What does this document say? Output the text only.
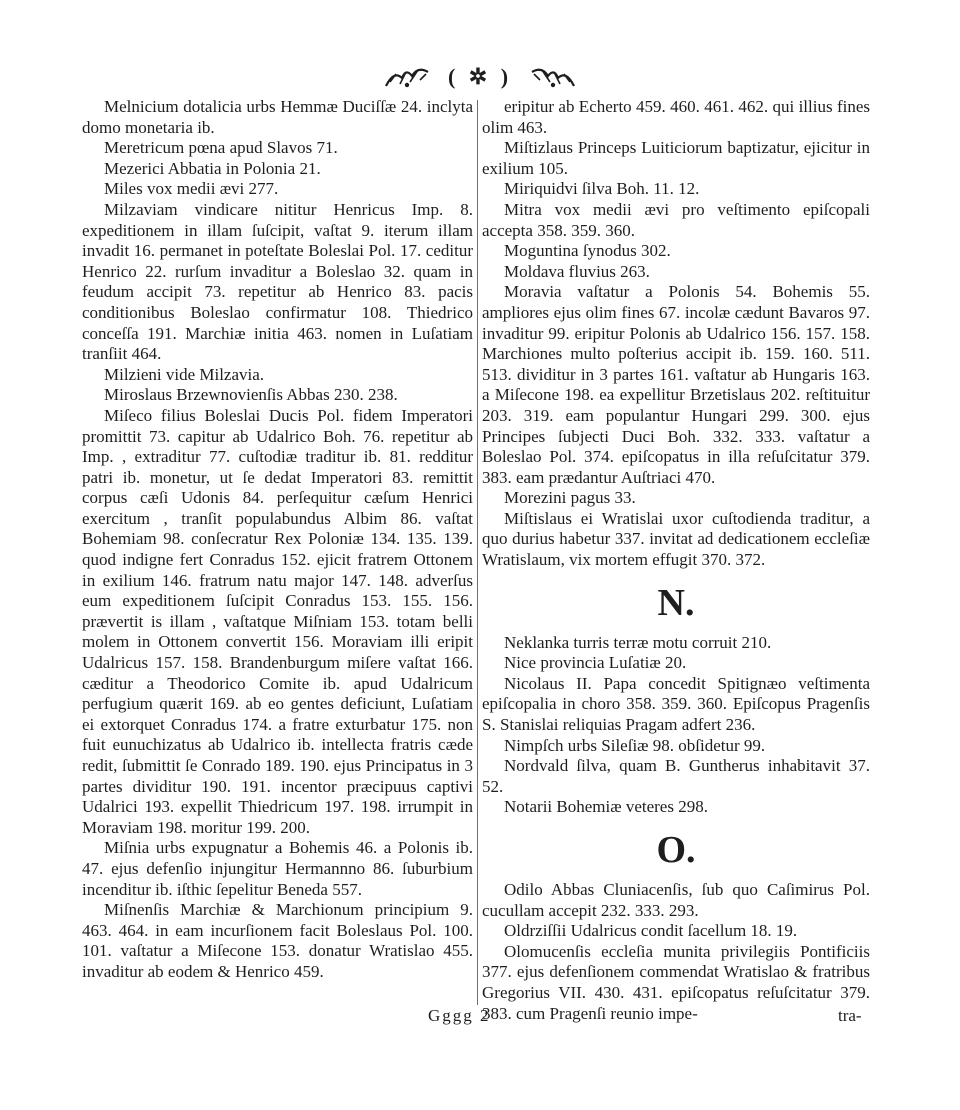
( ✲ )

Melnicium dotalicia urbs Hemmæ Duciſſæ 24. inclyta domo monetaria ib.

Meretricum pœna apud Slavos 71.

Mezerici Abbatia in Polonia 21.

Miles vox medii ævi 277.

Milzaviam vindicare nititur Henricus Imp. 8. expeditionem in illam ſuſcipit, vaſtat 9. iterum illam invadit 16. permanet in poteſtate Boleslai Pol. 17. ceditur Henrico 22. rurſum invaditur a Boleslao 32. quam in feudum accipit 73. repetitur ab Henrico 83. pacis conditionibus Boleslao confirmatur 108. Thiedrico conceſſa 191. Marchiæ initia 463. nomen in Luſatiam tranſiit 464.

Milzieni vide Milzavia.

Miroslaus Brzewnovienſis Abbas 230. 238.

Miſeco filius Boleslai Ducis Pol. fidem Imperatori promittit 73. capitur ab Udalrico Boh. 76. repetitur ab Imp. , extraditur 77. cuſtodiæ traditur ib. 81. redditur patri ib. monetur, ut ſe dedat Imperatori 83. remittit corpus cæſi Udonis 84. perſequitur cæſum Henrici exercitum , tranſit populabundus Albim 86. vaſtat Bohemiam 98. conſecratur Rex Poloniæ 134. 135. 139. quod indigne fert Conradus 152. ejicit fratrem Ottonem in exilium 146. fratrum natu major 147. 148. adverſus eum expeditionem ſuſcipit Conradus 153. 155. 156. prævertit is illam , vaſtatque Miſniam 153. totam belli molem in Ottonem convertit 156. Moraviam illi eripit Udalricus 157. 158. Brandenburgum miſere vaſtat 166. cæditur a Theodorico Comite ib. apud Udalricum perfugium quærit 169. ab eo gentes deficiunt, Luſatiam ei extorquet Conradus 174. a fratre exturbatur 175. non fuit eunuchizatus ab Udalrico ib. intellecta fratris cæde redit, ſubmittit ſe Conrado 189. 190. ejus Principatus in 3 partes dividitur 190. 191. incentor præcipuus captivi Udalrici 193. expellit Thiedricum 197. 198. irrumpit in Moraviam 198. moritur 199. 200.

Miſnia urbs expugnatur a Bohemis 46. a Polonis ib. 47. ejus defenſio injungitur Hermannno 86. ſuburbium incenditur ib. iſthic ſepelitur Beneda 557.

Miſnenſis Marchiæ & Marchionum principium 9. 463. 464. in eam incurſionem facit Boleslaus Pol. 100. 101. vaſtatur a Miſecone 153. donatur Wratislao 455. invaditur ab eodem & Henrico 459.

eripitur ab Echerto 459. 460. 461. 462. qui illius fines olim 463.

Miſtizlaus Princeps Luiticiorum baptizatur, ejicitur in exilium 105.

Miriquidvi ſilva Boh. 11. 12.

Mitra vox medii ævi pro veſtimento epiſcopali accepta 358. 359. 360.

Moguntina ſynodus 302.

Moldava fluvius 263.

Moravia vaſtatur a Polonis 54. Bohemis 55. ampliores ejus olim fines 67. incolæ cædunt Bavaros 97. invaditur 99. eripitur Polonis ab Udalrico 156. 157. 158. Marchiones multo poſterius accipit ib. 159. 160. 511. 513. dividitur in 3 partes 161. vaſtatur ab Hungaris 163. a Miſecone 198. ea expellitur Brzetislaus 202. reſtituitur 203. 319. eam populantur Hungari 299. 300. ejus Principes ſubjecti Duci Boh. 332. 333. vaſtatur a Boleslao Pol. 374. epiſcopatus in illa reſuſcitatur 379. 383. eam prædantur Auſtriaci 470.

Morezini pagus 33.

Miſtislaus ei Wratislai uxor cuſtodienda traditur, a quo durius habetur 337. invitat ad dedicationem eccleſiæ Wratislaum, vix mortem effugit 370. 372.

N.

Neklanka turris terræ motu corruit 210.

Nice provincia Luſatiæ 20.

Nicolaus II. Papa concedit Spitignæo veſtimenta epiſcopalia in choro 358. 359. 360. Epiſcopus Pragenſis S. Stanislai reliquias Pragam adfert 236.

Nimpſch urbs Sileſiæ 98. obſidetur 99.

Nordvald ſilva, quam B. Guntherus inhabitavit 37. 52.

Notarii Bohemiæ veteres 298.

O.

Odilo Abbas Cluniacenſis, ſub quo Caſimirus Pol. cucullam accepit 232. 333. 293.

Oldrziſſii Udalricus condit ſacellum 18. 19.

Olomucenſis eccleſia munita privilegiis Pontificiis 377. ejus defenſionem commendat Wratislao & fratribus Gregorius VII. 430. 431. epiſcopatus reſuſcitatur 379. 383. cum Pragenſi reunio impe-

Gggg 2	tra-
